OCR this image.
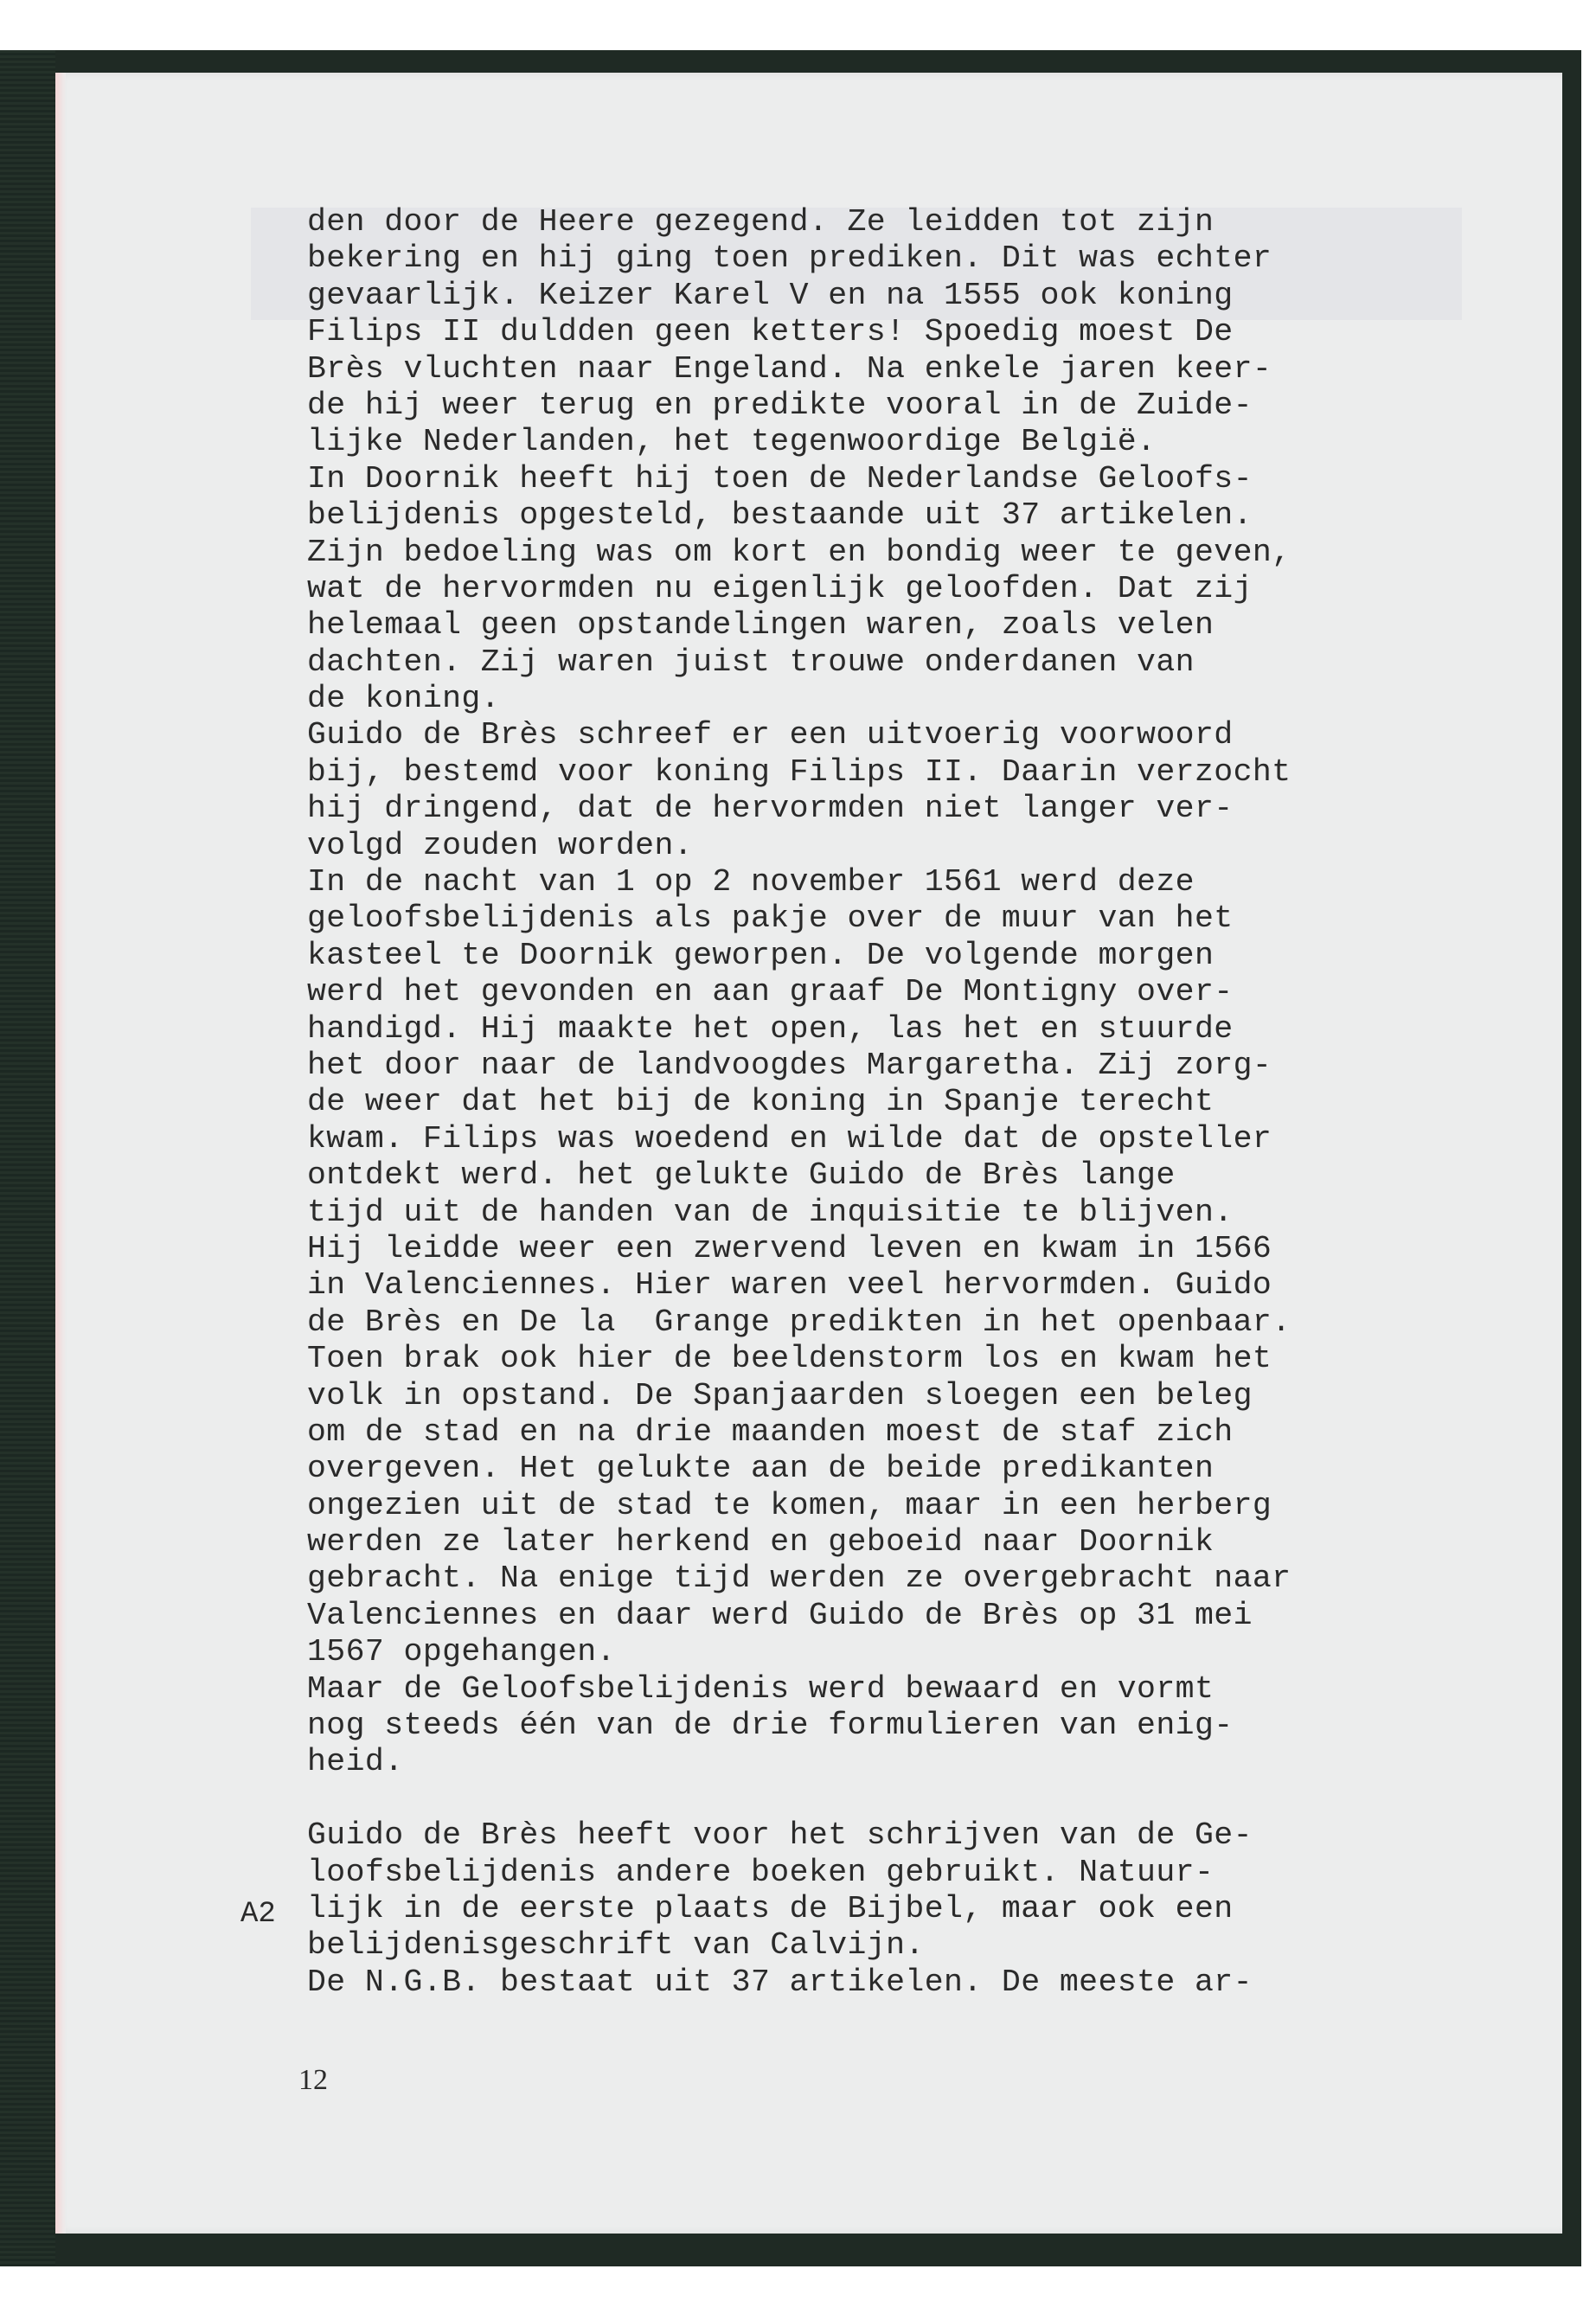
den door de Heere gezegend. Ze leidden tot zijn
bekering en hij ging toen prediken. Dit was echter
gevaarlijk. Keizer Karel V en na 1555 ook koning
Filips II duldden geen ketters! Spoedig moest De
Brès vluchten naar Engeland. Na enkele jaren keer-
de hij weer terug en predikte vooral in de Zuide-
lijke Nederlanden, het tegenwoordige België.
In Doornik heeft hij toen de Nederlandse Geloofs-
belijdenis opgesteld, bestaande uit 37 artikelen.
Zijn bedoeling was om kort en bondig weer te geven,
wat de hervormden nu eigenlijk geloofden. Dat zij
helemaal geen opstandelingen waren, zoals velen
dachten. Zij waren juist trouwe onderdanen van
de koning.
Guido de Brès schreef er een uitvoerig voorwoord
bij, bestemd voor koning Filips II. Daarin verzocht
hij dringend, dat de hervormden niet langer ver-
volgd zouden worden.
In de nacht van 1 op 2 november 1561 werd deze
geloofsbelijdenis als pakje over de muur van het
kasteel te Doornik geworpen. De volgende morgen
werd het gevonden en aan graaf De Montigny over-
handigd. Hij maakte het open, las het en stuurde
het door naar de landvoogdes Margaretha. Zij zorg-
de weer dat het bij de koning in Spanje terecht
kwam. Filips was woedend en wilde dat de opsteller
ontdekt werd. het gelukte Guido de Brès lange
tijd uit de handen van de inquisitie te blijven.
Hij leidde weer een zwervend leven en kwam in 1566
in Valenciennes. Hier waren veel hervormden. Guido
de Brès en De la  Grange predikten in het openbaar.
Toen brak ook hier de beeldenstorm los en kwam het
volk in opstand. De Spanjaarden sloegen een beleg
om de stad en na drie maanden moest de staf zich
overgeven. Het gelukte aan de beide predikanten
ongezien uit de stad te komen, maar in een herberg
werden ze later herkend en geboeid naar Doornik
gebracht. Na enige tijd werden ze overgebracht naar
Valenciennes en daar werd Guido de Brès op 31 mei
1567 opgehangen.
Maar de Geloofsbelijdenis werd bewaard en vormt
nog steeds één van de drie formulieren van enig-
heid.
Guido de Brès heeft voor het schrijven van de Ge-
loofsbelijdenis andere boeken gebruikt. Natuur-
lijk in de eerste plaats de Bijbel, maar ook een
belijdenisgeschrift van Calvijn.
De N.G.B. bestaat uit 37 artikelen. De meeste ar-
A2
12
